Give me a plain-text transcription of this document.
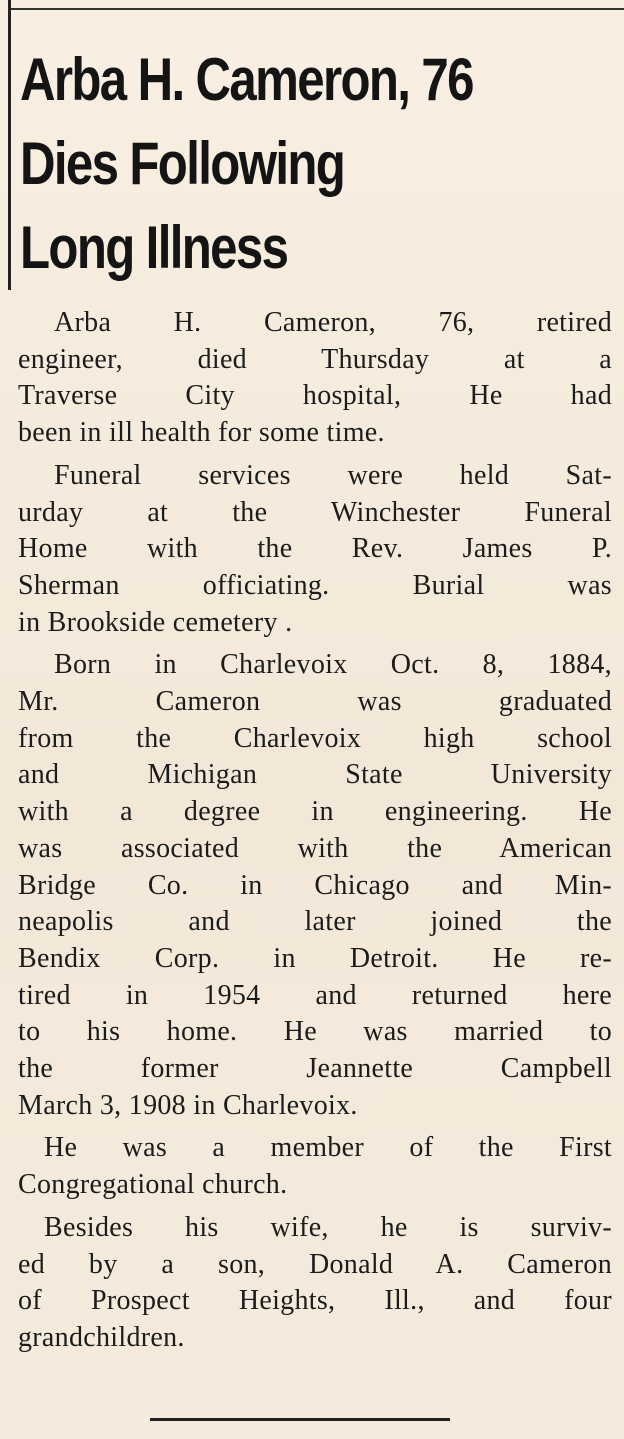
Arba H. Cameron, 76
Dies Following
Long Illness

Arba H. Cameron, 76, retired
engineer, died Thursday at a
Traverse City hospital, He had
been in ill health for some time.

Funeral services were held Sat-
urday at the Winchester Funeral
Home with the Rev. James P.
Sherman officiating. Burial was
in Brookside cemetery .

Born in Charlevoix Oct. 8, 1884,
Mr. Cameron was graduated
from the Charlevoix high school
and Michigan State University
with a degree in engineering. He
was associated with the American
Bridge Co. in Chicago and Min-
neapolis and later joined the
Bendix Corp. in Detroit. He re-
tired in 1954 and returned here
to his home. He was married to
the former Jeannette Campbell
March 3, 1908 in Charlevoix.

He was a member of the First
Congregational church.

Besides his wife, he is surviv-
ed by a son, Donald A. Cameron
of Prospect Heights, Ill., and four
grandchildren.
